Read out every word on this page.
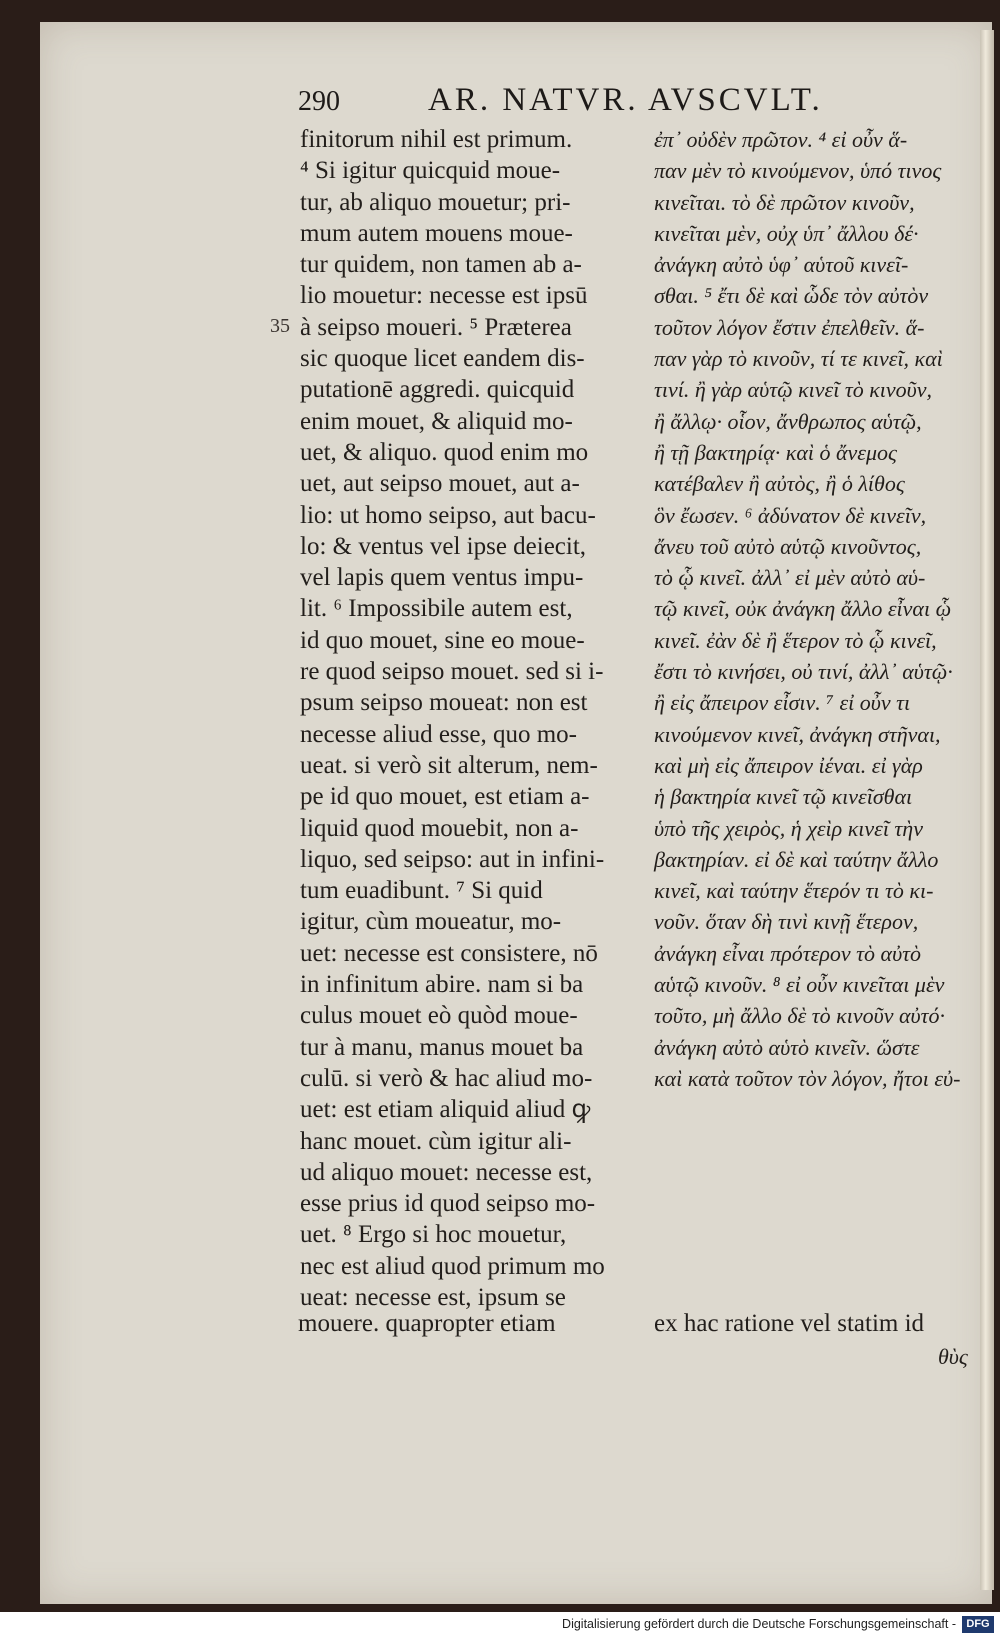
290	AR. NATVR. AVSCVLT.
35
finitorum nihil est primum.
⁴ Si igitur quicquid moue-
tur, ab aliquo mouetur; pri-
mum autem mouens moue-
tur quidem, non tamen ab a-
lio mouetur: necesse est ipsū
à seipso moueri. ⁵ Præterea
sic quoque licet eandem dis-
putationē aggredi. quicquid
enim mouet, & aliquid mo-
uet, & aliquo. quod enim mo
uet, aut seipso mouet, aut a-
lio: ut homo seipso, aut bacu-
lo: & ventus vel ipse deiecit,
vel lapis quem ventus impu-
lit. ⁶ Impossibile autem est,
id quo mouet, sine eo moue-
re quod seipso mouet. sed si i-
psum seipso moueat: non est
necesse aliud esse, quo mo-
ueat. si verò sit alterum, nem-
pe id quo mouet, est etiam a-
liquid quod mouebit, non a-
liquo, sed seipso: aut in infini-
tum euadibunt. ⁷ Si quid
igitur, cùm moueatur, mo-
uet: necesse est consistere, nō
in infinitum abire. nam si ba
culus mouet eò quòd moue-
tur à manu, manus mouet ba
culū. si verò & hac aliud mo-
uet: est etiam aliquid aliud ꝙ
hanc mouet. cùm igitur ali-
ud aliquo mouet: necesse est,
esse prius id quod seipso mo-
uet. ⁸ Ergo si hoc mouetur,
nec est aliud quod primum mo
ueat: necesse est, ipsum se
ἐπ᾽ οὐδὲν πρῶτον. ⁴ εἰ οὖν ἅ-
παν μὲν τὸ κινούμενον, ὑπό τινος
κινεῖται. τὸ δὲ πρῶτον κινοῦν,
κινεῖται μὲν, οὐχ ὑπ᾽ ἄλλου δέ·
ἀνάγκη αὐτὸ ὑφ᾽ αὑτοῦ κινεῖ-
σθαι. ⁵ ἔτι δὲ καὶ ὧδε τὸν αὐτὸν
τοῦτον λόγον ἔστιν ἐπελθεῖν. ἅ-
παν γὰρ τὸ κινοῦν, τί τε κινεῖ, καὶ
τινί. ἢ γὰρ αὑτῷ κινεῖ τὸ κινοῦν,
ἢ ἄλλῳ· οἷον, ἄνθρωπος αὑτῷ,
ἢ τῇ βακτηρίᾳ· καὶ ὁ ἄνεμος
κατέβαλεν ἢ αὐτὸς, ἢ ὁ λίθος
ὃν ἔωσεν. ⁶ ἀδύνατον δὲ κινεῖν,
ἄνευ τοῦ αὐτὸ αὑτῷ κινοῦντος,
τὸ ᾧ κινεῖ. ἀλλ᾽ εἰ μὲν αὐτὸ αὑ-
τῷ κινεῖ, οὐκ ἀνάγκη ἄλλο εἶναι ᾧ
κινεῖ. ἐὰν δὲ ἢ ἕτερον τὸ ᾧ κινεῖ,
ἔστι τὸ κινήσει, οὐ τινί, ἀλλ᾽ αὑτῷ·
ἢ εἰς ἄπειρον εἶσιν. ⁷ εἰ οὖν τι
κινούμενον κινεῖ, ἀνάγκη στῆναι,
καὶ μὴ εἰς ἄπειρον ἰέναι. εἰ γὰρ
ἡ βακτηρία κινεῖ τῷ κινεῖσθαι
ὑπὸ τῆς χειρὸς, ἡ χεὶρ κινεῖ τὴν
βακτηρίαν. εἰ δὲ καὶ ταύτην ἄλλο
κινεῖ, καὶ ταύτην ἕτερόν τι τὸ κι-
νοῦν. ὅταν δὴ τινὶ κινῇ ἕτερον,
ἀνάγκη εἶναι πρότερον τὸ αὐτὸ
αὑτῷ κινοῦν. ⁸ εἰ οὖν κινεῖται μὲν
τοῦτο, μὴ ἄλλο δὲ τὸ κινοῦν αὐτό·
ἀνάγκη αὐτὸ αὑτὸ κινεῖν. ὥστε
καὶ κατὰ τοῦτον τὸν λόγον, ἤτοι εὐ-
mouere. quapropter etiam	ex hac ratione vel statim id
θὺς
Digitalisierung gefördert durch die Deutsche Forschungsgemeinschaft - DFG
